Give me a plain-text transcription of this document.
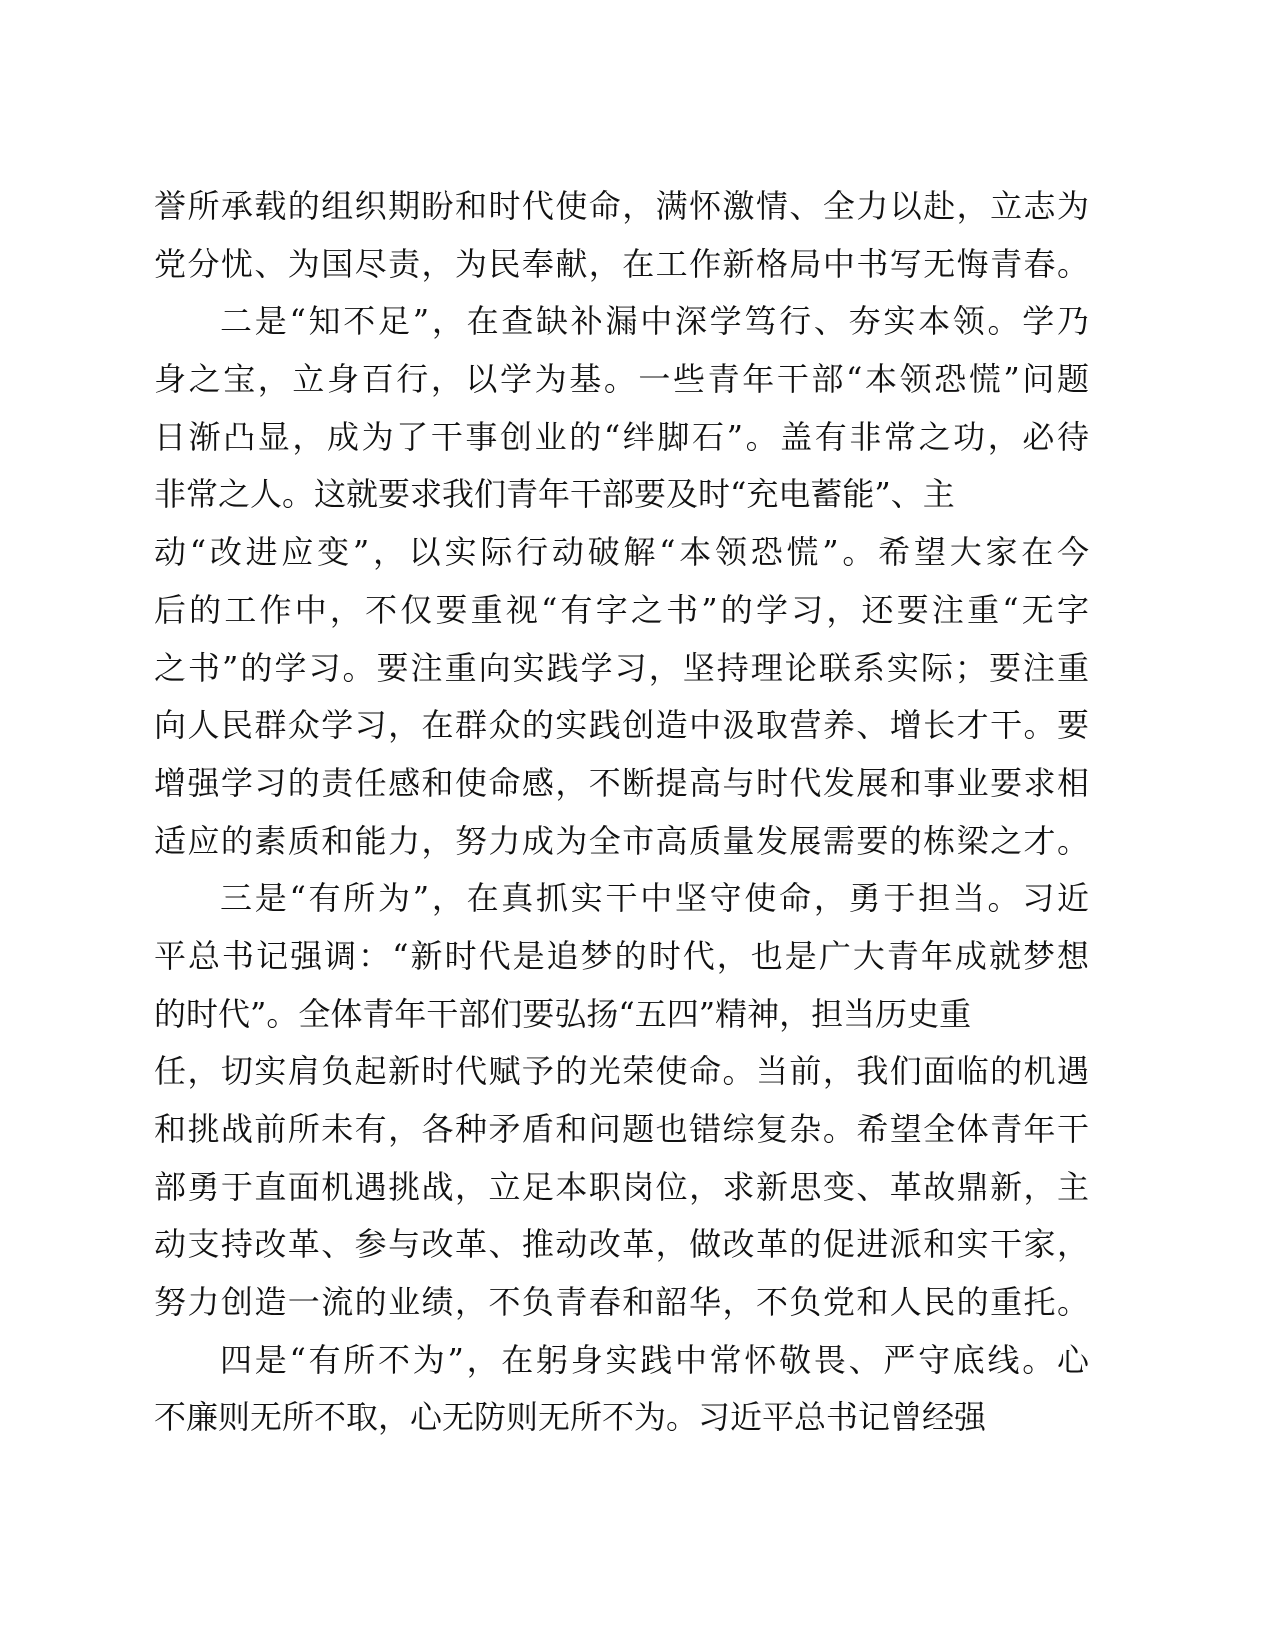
誉所承载的组织期盼和时代使命，满怀激情、全力以赴，立志为
党分忧、为国尽责，为民奉献，在工作新格局中书写无悔青春。
二是“知不足”，在查缺补漏中深学笃行、夯实本领。学乃
身之宝，立身百行，以学为基。一些青年干部“本领恐慌”问题
日渐凸显，成为了干事创业的“绊脚石”。盖有非常之功，必待
非常之人。这就要求我们青年干部要及时“充电蓄能”、主
动“改进应变”，以实际行动破解“本领恐慌”。希望大家在今
后的工作中，不仅要重视“有字之书”的学习，还要注重“无字
之书”的学习。要注重向实践学习，坚持理论联系实际；要注重
向人民群众学习，在群众的实践创造中汲取营养、增长才干。要
增强学习的责任感和使命感，不断提高与时代发展和事业要求相
适应的素质和能力，努力成为全市高质量发展需要的栋梁之才。
三是“有所为”，在真抓实干中坚守使命，勇于担当。习近
平总书记强调：“新时代是追梦的时代，也是广大青年成就梦想
的时代”。全体青年干部们要弘扬“五四”精神，担当历史重
任，切实肩负起新时代赋予的光荣使命。当前，我们面临的机遇
和挑战前所未有，各种矛盾和问题也错综复杂。希望全体青年干
部勇于直面机遇挑战，立足本职岗位，求新思变、革故鼎新，主
动支持改革、参与改革、推动改革，做改革的促进派和实干家，
努力创造一流的业绩，不负青春和韶华，不负党和人民的重托。
四是“有所不为”，在躬身实践中常怀敬畏、严守底线。心
不廉则无所不取，心无防则无所不为。习近平总书记曾经强
